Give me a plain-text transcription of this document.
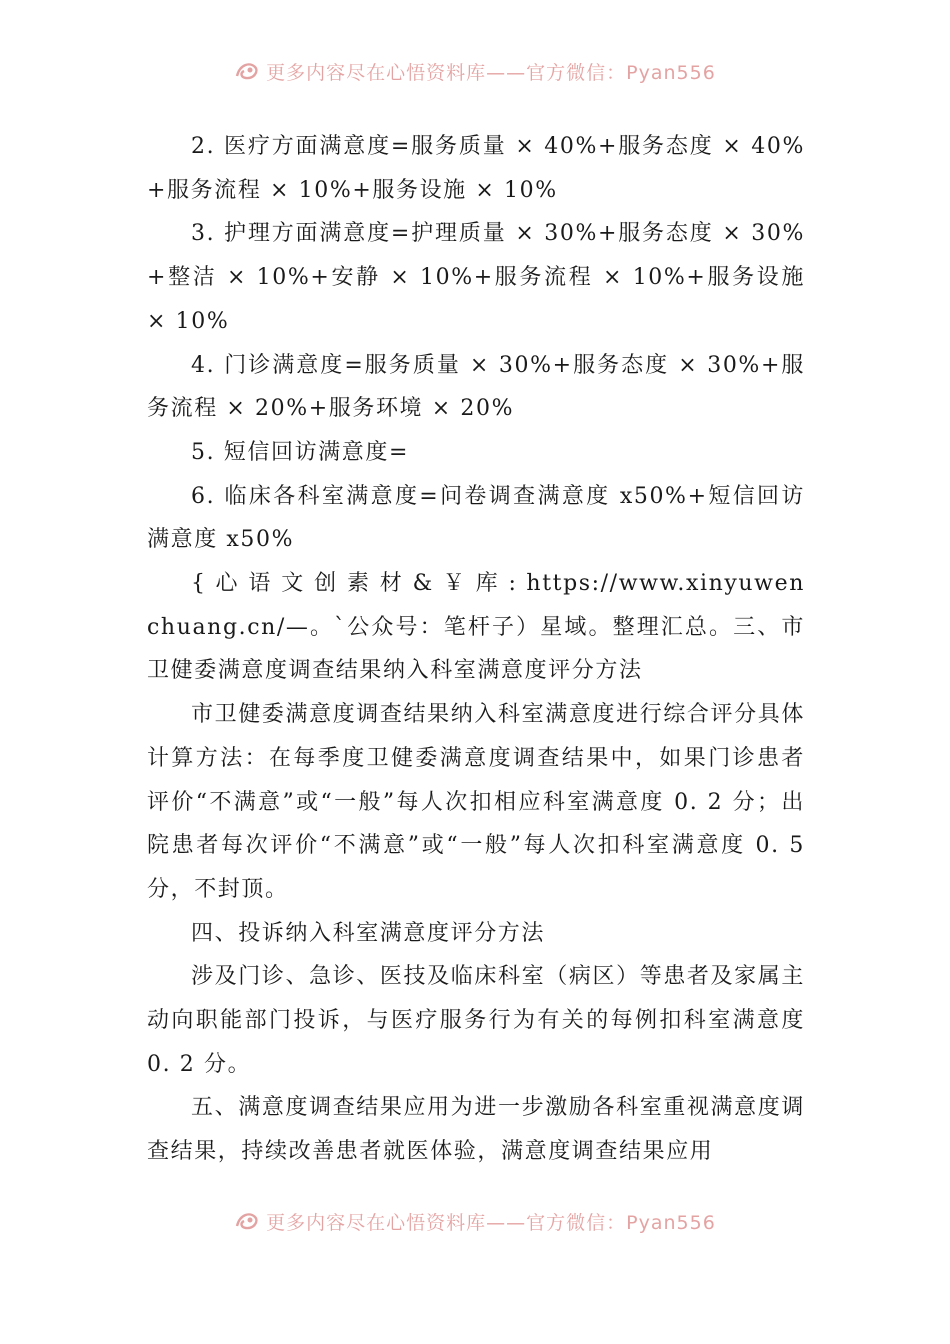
更多内容尽在心悟资料库——官方微信：Pyan556

2. 医疗方面满意度=服务质量 × 40%+服务态度 × 40%+服务流程 × 10%+服务设施 × 10%

3. 护理方面满意度=护理质量 × 30%+服务态度 × 30%+整洁 × 10%+安静 × 10%+服务流程 × 10%+服务设施 × 10%

4. 门诊满意度=服务质量 × 30%+服务态度 × 30%+服务流程 × 20%+服务环境 × 20%

5. 短信回访满意度=

6. 临床各科室满意度=问卷调查满意度 x50%+短信回访满意度 x50%

{ 心 语 文 创 素 材 & ￥ 库 : https://www.xinyuwenchuang.cn/—。`公众号：笔杆子）星域。整理汇总。三、市卫健委满意度调查结果纳入科室满意度评分方法

市卫健委满意度调查结果纳入科室满意度进行综合评分具体计算方法：在每季度卫健委满意度调查结果中，如果门诊患者评价“不满意”或“一般”每人次扣相应科室满意度 0. 2 分；出院患者每次评价“不满意”或“一般”每人次扣科室满意度 0. 5 分，不封顶。

四、投诉纳入科室满意度评分方法

涉及门诊、急诊、医技及临床科室（病区）等患者及家属主动向职能部门投诉，与医疗服务行为有关的每例扣科室满意度 0. 2 分。

五、满意度调查结果应用为进一步激励各科室重视满意度调查结果，持续改善患者就医体验，满意度调查结果应用

更多内容尽在心悟资料库——官方微信：Pyan556
